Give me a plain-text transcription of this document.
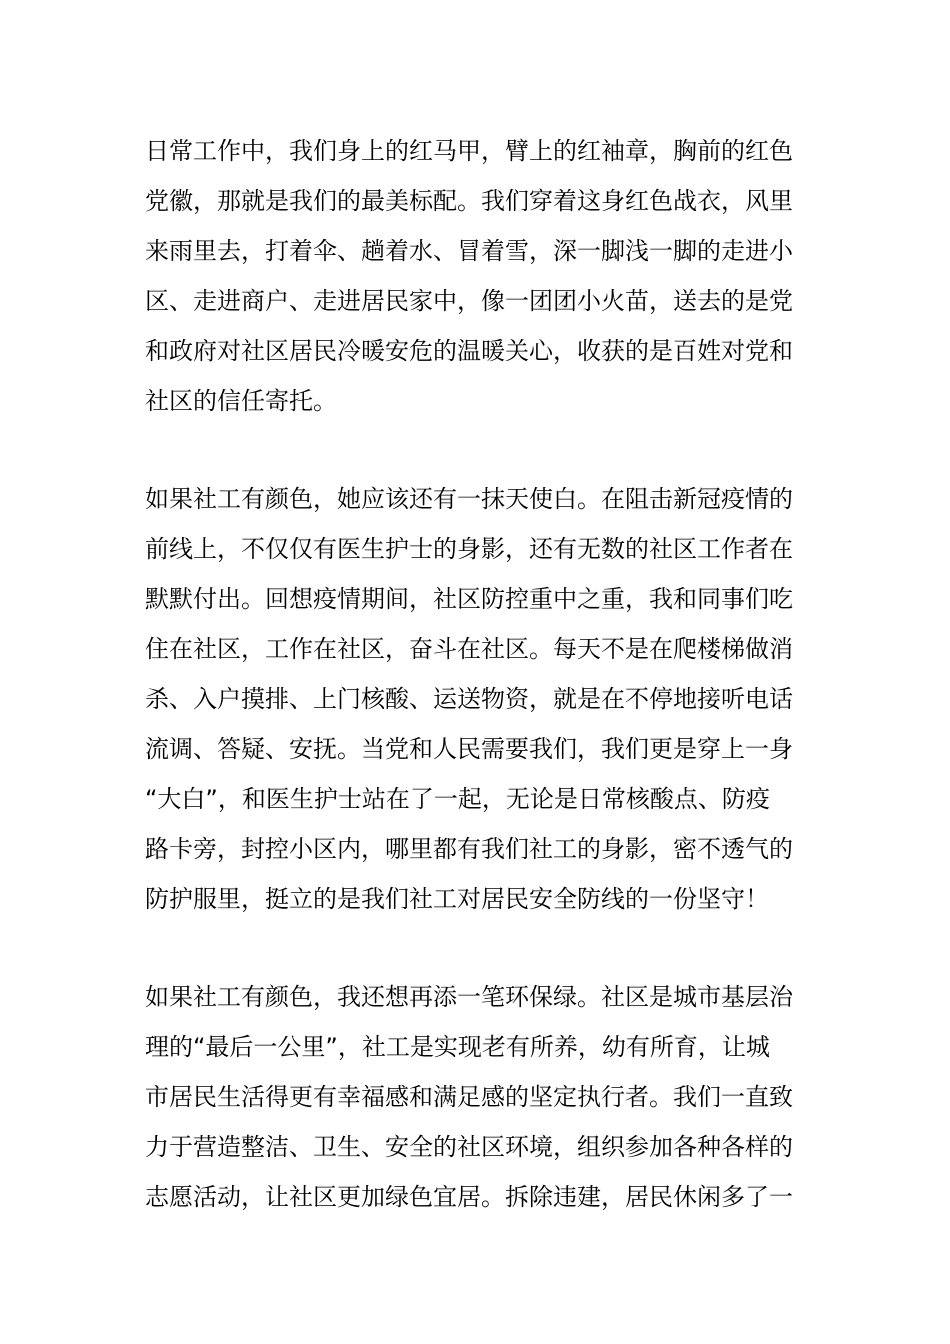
日常工作中，我们身上的红马甲，臂上的红袖章，胸前的红色
党徽，那就是我们的最美标配。我们穿着这身红色战衣，风里
来雨里去，打着伞、趟着水、冒着雪，深一脚浅一脚的走进小
区、走进商户、走进居民家中，像一团团小火苗，送去的是党
和政府对社区居民冷暖安危的温暖关心，收获的是百姓对党和
社区的信任寄托。
如果社工有颜色，她应该还有一抹天使白。在阻击新冠疫情的
前线上，不仅仅有医生护士的身影，还有无数的社区工作者在
默默付出。回想疫情期间，社区防控重中之重，我和同事们吃
住在社区，工作在社区，奋斗在社区。每天不是在爬楼梯做消
杀、入户摸排、上门核酸、运送物资，就是在不停地接听电话
流调、答疑、安抚。当党和人民需要我们，我们更是穿上一身
“大白”，和医生护士站在了一起，无论是日常核酸点、防疫
路卡旁，封控小区内，哪里都有我们社工的身影，密不透气的
防护服里，挺立的是我们社工对居民安全防线的一份坚守！
如果社工有颜色，我还想再添一笔环保绿。社区是城市基层治
理的“最后一公里”，社工是实现老有所养，幼有所育，让城
市居民生活得更有幸福感和满足感的坚定执行者。我们一直致
力于营造整洁、卫生、安全的社区环境，组织参加各种各样的
志愿活动，让社区更加绿色宜居。拆除违建，居民休闲多了一
